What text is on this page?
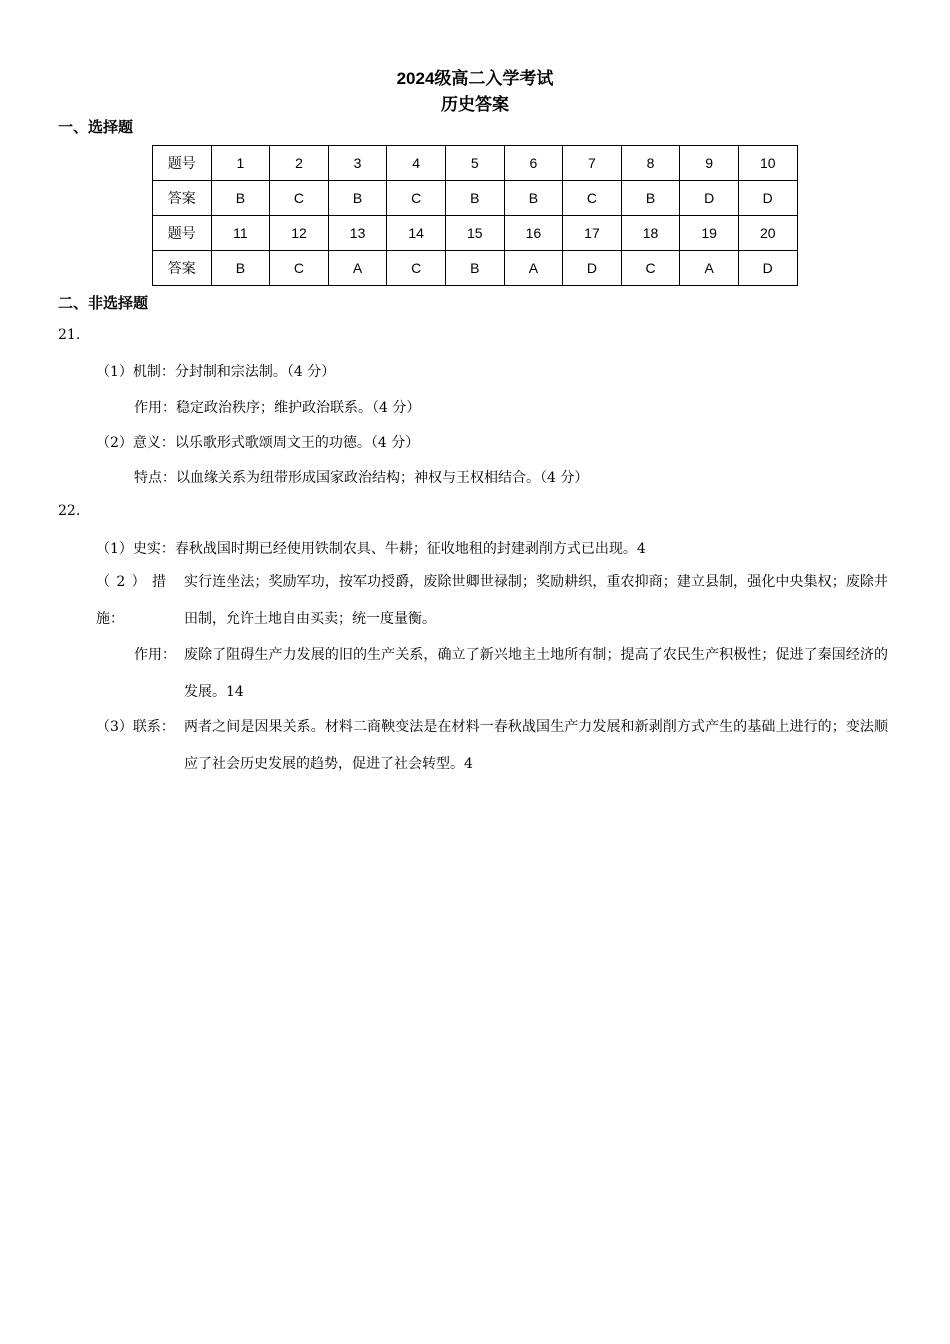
2024级高二入学考试
历史答案
一、选择题
题号	1	2	3	4	5	6	7	8	9	10
答案	B	C	B	C	B	B	C	B	D	D
题号	11	12	13	14	15	16	17	18	19	20
答案	B	C	A	C	B	A	D	C	A	D
二、非选择题
21.
（1）机制：分封制和宗法制。（4 分）
作用：稳定政治秩序；维护政治联系。（4 分）
（2）意义：以乐歌形式歌颂周文王的功德。（4 分）
特点：以血缘关系为纽带形成国家政治结构；神权与王权相结合。（4 分）
22.
（1）史实：春秋战国时期已经使用铁制农具、牛耕；征收地租的封建剥削方式已出现。4
（2）措施：
实行连坐法；奖励军功，按军功授爵，废除世卿世禄制；奖励耕织，重农抑商；建立县制，强化中央集权；废除井田制，允许土地自由买卖；统一度量衡。
作用： 废除了阻碍生产力发展的旧的生产关系，确立了新兴地主土地所有制；提高了农民生产积极性；促进了秦国经济的发展。14
（3）联系： 两者之间是因果关系。材料二商鞅变法是在材料一春秋战国生产力发展和新剥削方式产生的基础上进行的；变法顺应了社会历史发展的趋势，促进了社会转型。4
